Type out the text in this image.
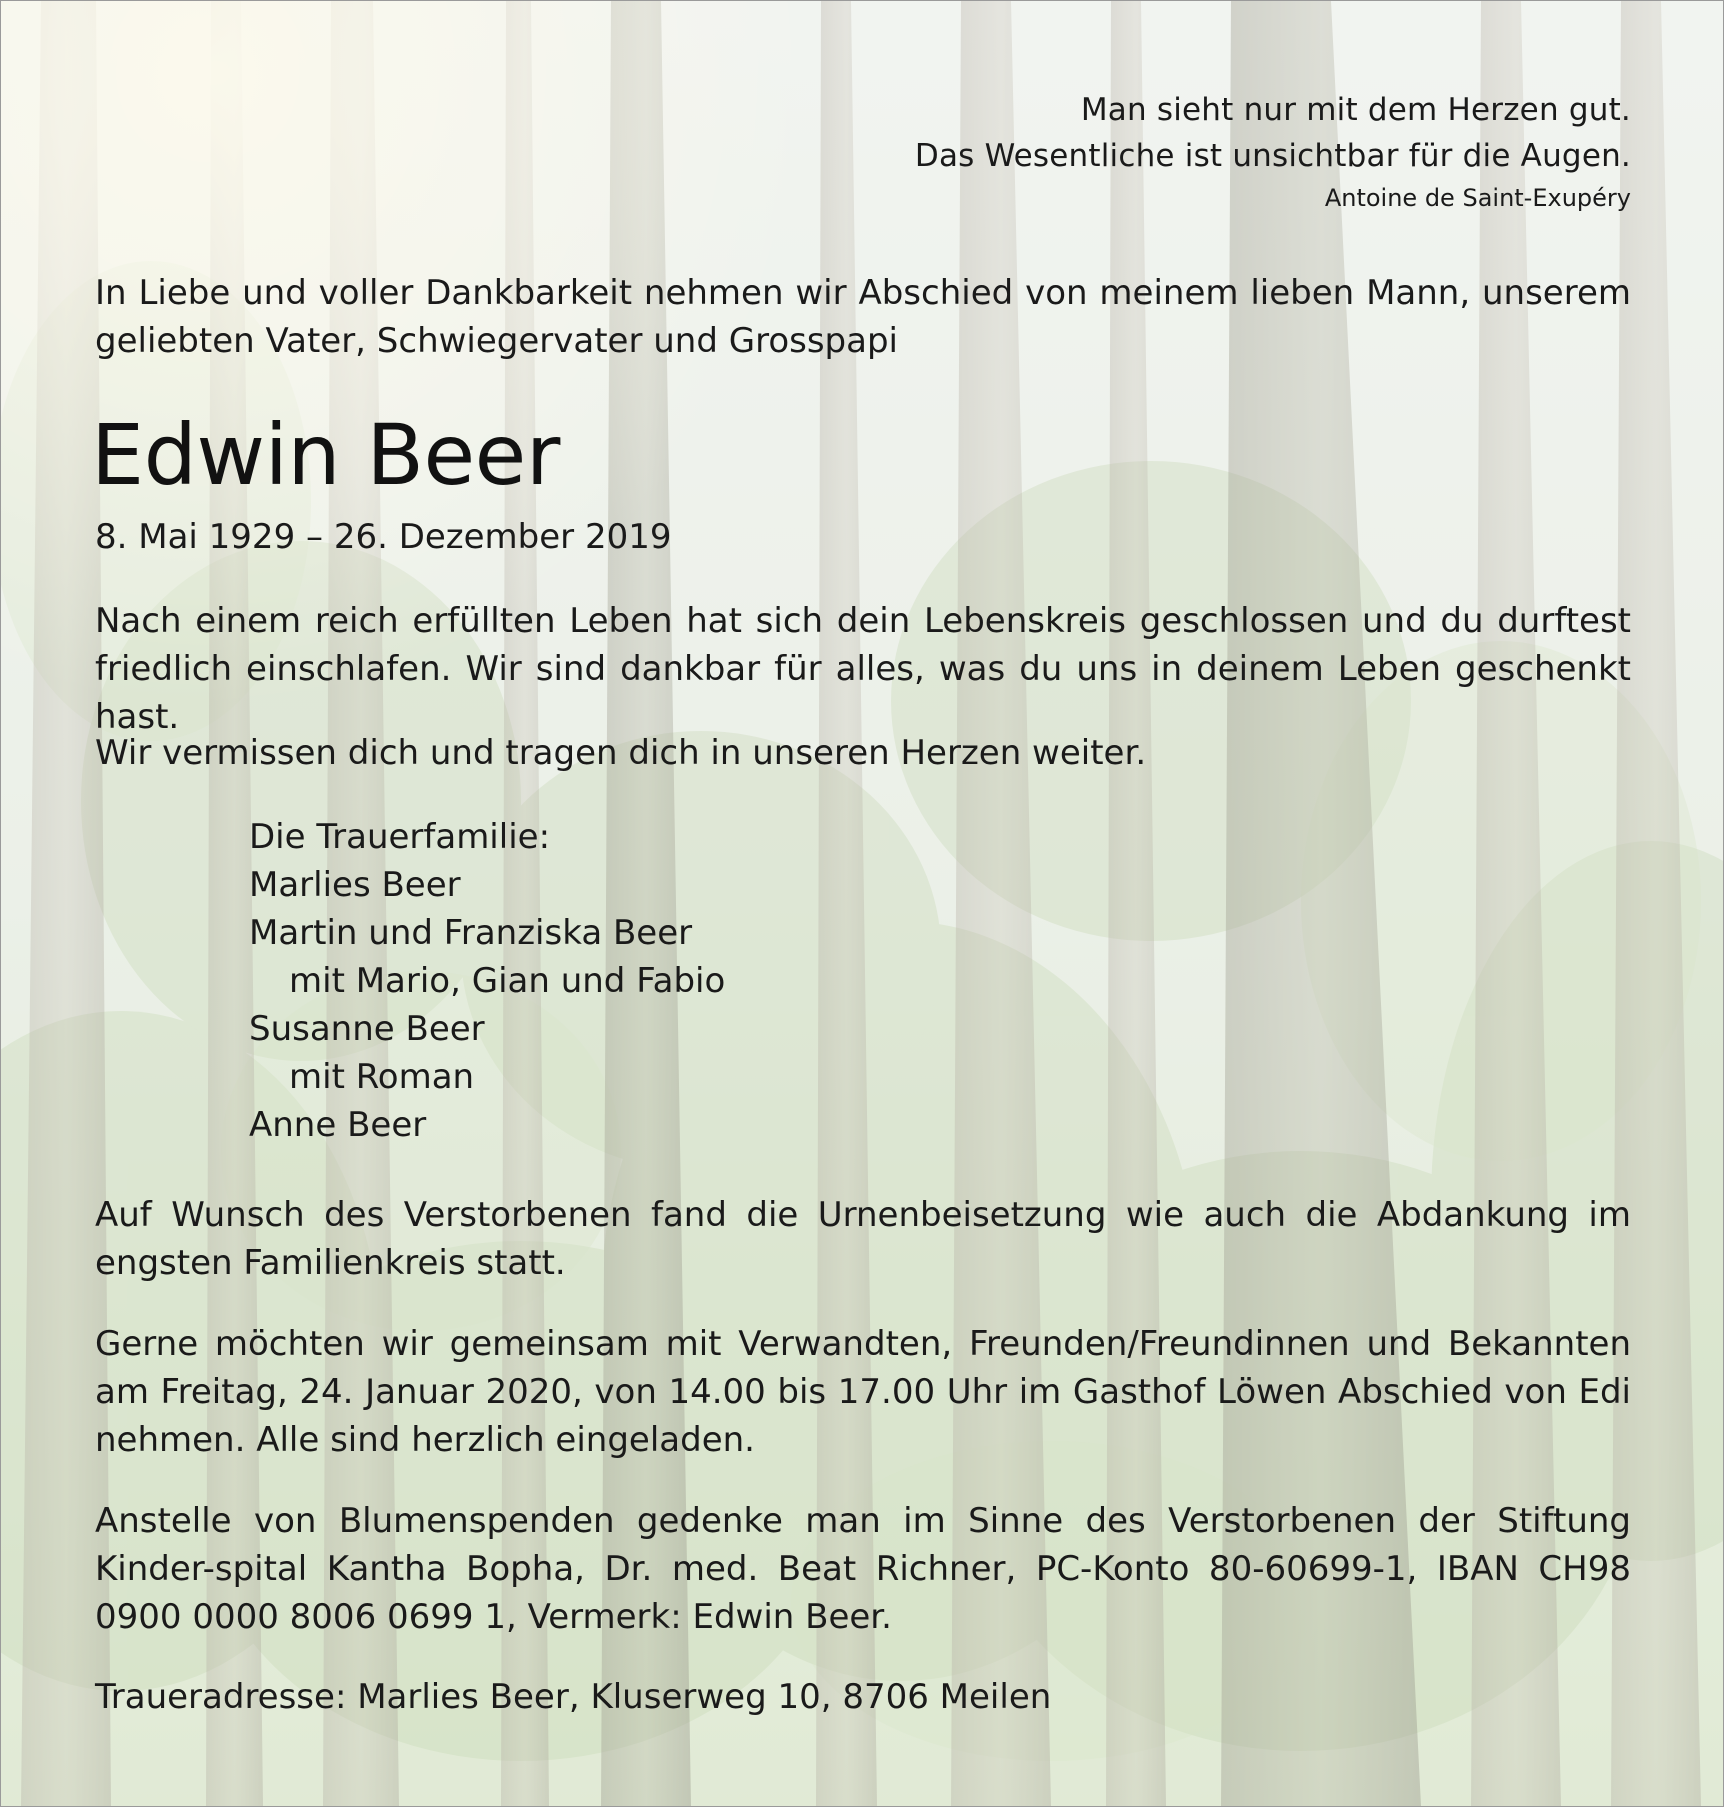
Man sieht nur mit dem Herzen gut.
Das Wesentliche ist unsichtbar für die Augen.
Antoine de Saint-Exupéry

In Liebe und voller Dankbarkeit nehmen wir Abschied von meinem lieben Mann, unserem geliebten Vater, Schwiegervater und Grosspapi

Edwin Beer

8. Mai 1929 – 26. Dezember 2019

Nach einem reich erfüllten Leben hat sich dein Lebenskreis geschlossen und du durftest friedlich einschlafen. Wir sind dankbar für alles, was du uns in deinem Leben geschenkt hast.

Wir vermissen dich und tragen dich in unseren Herzen weiter.

Die Trauerfamilie:
Marlies Beer
Martin und Franziska Beer
mit Mario, Gian und Fabio
Susanne Beer
mit Roman
Anne Beer

Auf Wunsch des Verstorbenen fand die Urnenbeisetzung wie auch die Abdankung im engsten Familienkreis statt.

Gerne möchten wir gemeinsam mit Verwandten, Freunden/Freundinnen und Bekannten am Freitag, 24. Januar 2020, von 14.00 bis 17.00 Uhr im Gasthof Löwen Abschied von Edi nehmen. Alle sind herzlich eingeladen.

Anstelle von Blumenspenden gedenke man im Sinne des Verstorbenen der Stiftung Kinder-spital Kantha Bopha, Dr. med. Beat Richner, PC-Konto 80-60699-1, IBAN CH98 0900 0000 8006 0699 1, Vermerk: Edwin Beer.

Traueradresse: Marlies Beer, Kluserweg 10, 8706 Meilen
